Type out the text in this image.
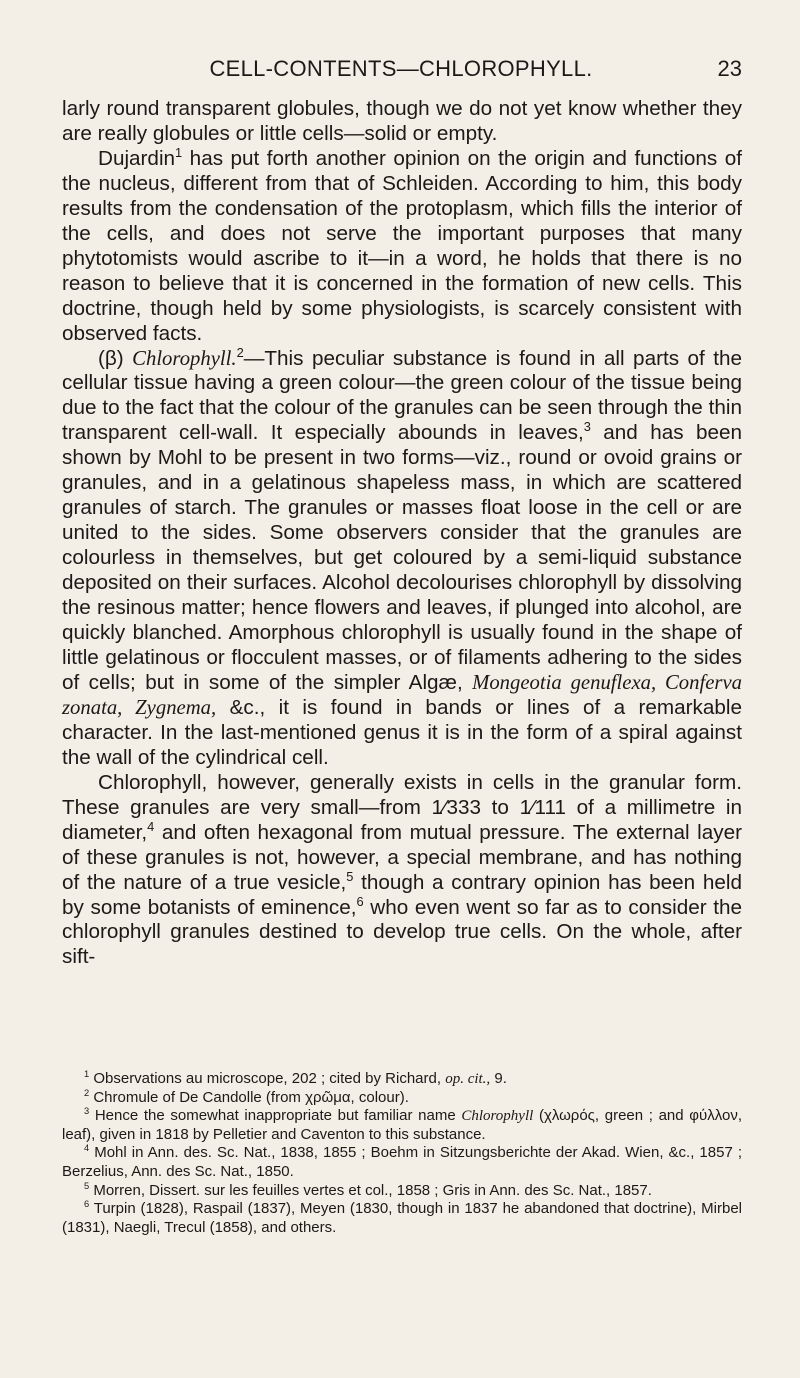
CELL-CONTENTS—CHLOROPHYLL.	23

larly round transparent globules, though we do not yet know whether they are really globules or little cells—solid or empty.

Dujardin$^1$ has put forth another opinion on the origin and functions of the nucleus, different from that of Schleiden. According to him, this body results from the condensation of the protoplasm, which fills the interior of the cells, and does not serve the important purposes that many phytotomists would ascribe to it—in a word, he holds that there is no reason to believe that it is concerned in the formation of new cells. This doctrine, though held by some physiologists, is scarcely consistent with observed facts.

(β) Chlorophyll.$^2$—This peculiar substance is found in all parts of the cellular tissue having a green colour—the green colour of the tissue being due to the fact that the colour of the granules can be seen through the thin transparent cell-wall. It especially abounds in leaves,$^3$ and has been shown by Mohl to be present in two forms—viz., round or ovoid grains or granules, and in a gelatinous shapeless mass, in which are scattered granules of starch. The granules or masses float loose in the cell or are united to the sides. Some observers consider that the granules are colourless in themselves, but get coloured by a semi-liquid substance deposited on their surfaces. Alcohol decolourises chlorophyll by dissolving the resinous matter; hence flowers and leaves, if plunged into alcohol, are quickly blanched. Amorphous chlorophyll is usually found in the shape of little gelatinous or flocculent masses, or of filaments adhering to the sides of cells; but in some of the simpler Algæ, Mongeotia genuflexa, Conferva zonata, Zygnema, &c., it is found in bands or lines of a remarkable character. In the last-mentioned genus it is in the form of a spiral against the wall of the cylindrical cell.

Chlorophyll, however, generally exists in cells in the granular form. These granules are very small—from 1⁄333 to 1⁄111 of a millimetre in diameter,$^4$ and often hexagonal from mutual pressure. The external layer of these granules is not, however, a special membrane, and has nothing of the nature of a true vesicle,$^5$ though a contrary opinion has been held by some botanists of eminence,$^6$ who even went so far as to consider the chlorophyll granules destined to develop true cells. On the whole, after sift-

$^1$ Observations au microscope, 202 ; cited by Richard, op. cit., 9.

$^2$ Chromule of De Candolle (from χρῶμα, colour).

$^3$ Hence the somewhat inappropriate but familiar name Chlorophyll (χλωρός, green ; and φύλλον, leaf), given in 1818 by Pelletier and Caventon to this substance.

$^4$ Mohl in Ann. des. Sc. Nat., 1838, 1855 ; Boehm in Sitzungsberichte der Akad. Wien, &c., 1857 ; Berzelius, Ann. des Sc. Nat., 1850.

$^5$ Morren, Dissert. sur les feuilles vertes et col., 1858 ; Gris in Ann. des Sc. Nat., 1857.

$^6$ Turpin (1828), Raspail (1837), Meyen (1830, though in 1837 he abandoned that doctrine), Mirbel (1831), Naegli, Trecul (1858), and others.
